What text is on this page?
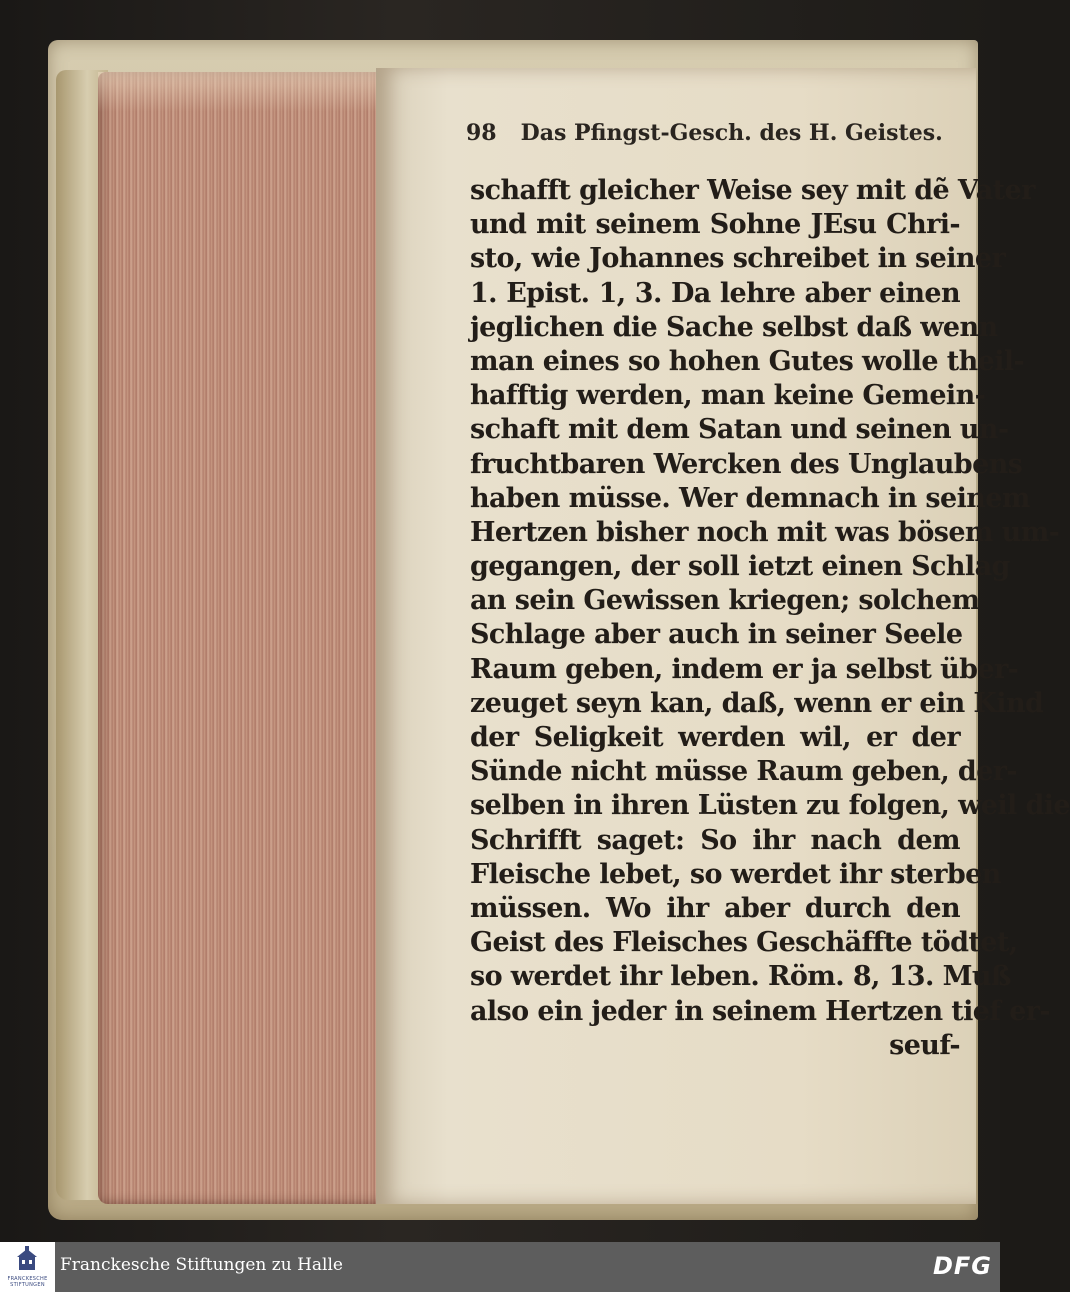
98 Das Pfingst-Gesch. des H. Geistes.
schafft gleicher Weise sey mit dẽ Vater
und mit seinem Sohne JEsu Chri-
sto, wie Johannes schreibet in seiner
1. Epist. 1, 3. Da lehre aber einen
jeglichen die Sache selbst daß wenn
man eines so hohen Gutes wolle theil-
hafftig werden, man keine Gemein-
schaft mit dem Satan und seinen un-
fruchtbaren Wercken des Unglaubens
haben müsse. Wer demnach in seinem
Hertzen bisher noch mit was bösem um-
gegangen, der soll ietzt einen Schlag
an sein Gewissen kriegen; solchem
Schlage aber auch in seiner Seele
Raum geben, indem er ja selbst über-
zeuget seyn kan, daß, wenn er ein Kind
der Seligkeit werden wil, er der
Sünde nicht müsse Raum geben, der-
selben in ihren Lüsten zu folgen, weil die
Schrifft saget: So ihr nach dem
Fleische lebet, so werdet ihr sterben
müssen. Wo ihr aber durch den
Geist des Fleisches Geschäffte tödtet,
so werdet ihr leben. Röm. 8, 13. Muß
also ein jeder in seinem Hertzen tief er-
seuf-
FRANCKESCHE
STIFTUNGEN
Franckesche Stiftungen zu Halle	DFG
